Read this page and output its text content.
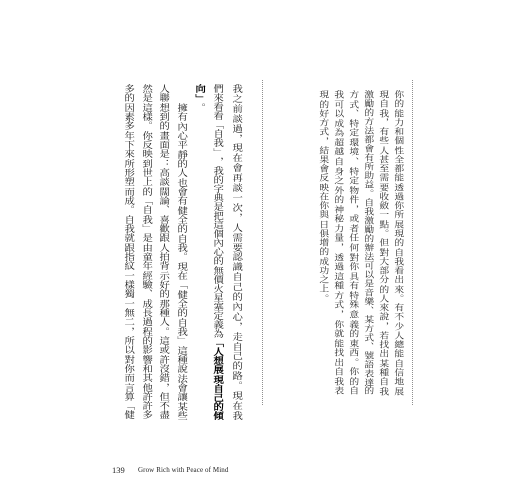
你
的
能
力
和
個
性
全
都
能
透
過
你
所
展
現
的
自
我
看
出
來
。
有
不
少
人
總
能
自
信
地
展
現
自
我
，
有
些
人
甚
至
需
要
收
斂
一
點
。
但
對
大
部
分
的
人
來
說
，
若
找
出
某
種
自
我
激
勵
的
方
法
都
會
有
所
助
益
。
自
我
激
勵
的
辦
法
可
以
是
音
樂
、
某
方
式
、
號
語
表
達
的
方
式
、
特
定
環
境
、
特
定
物
件
，
或
者
任
何
對
你
具
有
特
殊
意
義
的
東
西
。
你
的
自
我
可
以
成
為
超
越
自
身
之
外
的
神
秘
力
量
，
透
過
這
種
方
式
，
你
就
能
找
出
自
我
表
現
的
好
方
式
，
結
果
會
反
映
在
你
與
日
俱
增
的
成
功
之
上
。
我
之
前
談
過
，
現
在
會
再
談
一
次
，
人
需
要
認
識
自
己
的
內
心
，
走
自
己
的
路
。
現
在
我
們
來
看
看
「
自
我
」
，
我
的
字
典
是
把
這
個
內
心
的
無
價
火
星
塞
定
義
為
「
人
想
展
現
自
己
的
傾
向
」
。
擁
有
內
心
平
靜
的
人
也
會
有
健
全
的
自
我
。
現
在
「
健
全
的
自
我
」
這
種
說
法
會
讓
某
些
人
聯
想
到
的
畫
面
是
：
高
談
闊
論
、
喜
歡
跟
人
拍
背
示
好
的
那
種
人
。
這
或
許
沒
錯
，
但
不
盡
然
是
這
樣
。
你
反
映
到
世
上
的
「
自
我
」
是
由
童
年
經
驗
、
成
長
過
程
的
影
響
和
其
他
許
許
多
多
的
因
素
多
年
下
來
所
形
塑
而
成
。
自
我
就
跟
指
紋
一
樣
獨
一
無
二
，
所
以
對
你
而
言
算
「
健
139 Grow Rich with Peace of Mind
